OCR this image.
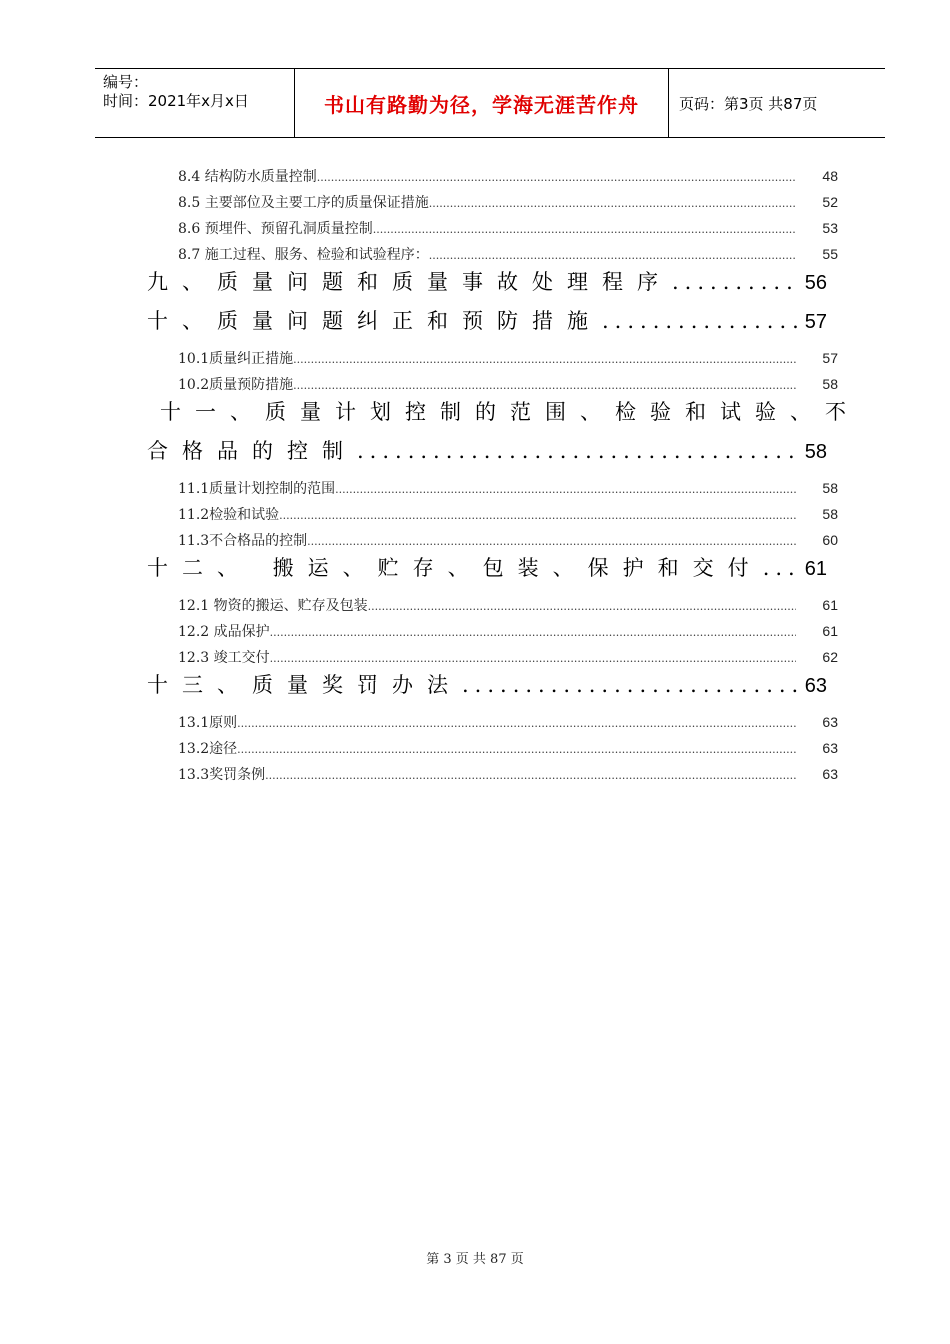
编号：
时间：2021年x月x日	书山有路勤为径，学海无涯苦作舟	页码：第3页 共87页
8.4 结构防水质量控制 .....	48
8.5 主要部位及主要工序的质量保证措施 .....	52
8.6 预埋件、预留孔洞质量控制 .....	53
8.7 施工过程、服务、检验和试验程序： .....	55
九、质量问题和质量事故处理程序 .....	56
十、质量问题纠正和预防措施 .....	57
10.1质量纠正措施 .....	57
10.2质量预防措施 .....	58
十一、质量计划控制的范围、检验和试验、不
合格品的控制 .....	58
11.1质量计划控制的范围 .....	58
11.2检验和试验 .....	58
11.3不合格品的控制 .....	60
十二、 搬运、贮存、包装、保护和交付 .....	61
12.1 物资的搬运、贮存及包装 .....	61
12.2 成品保护 .....	61
12.3 竣工交付 .....	62
十三、质量奖罚办法 .....	63
13.1原则 .....	63
13.2途径 .....	63
13.3奖罚条例 .....	63
第 3 页 共 87 页
